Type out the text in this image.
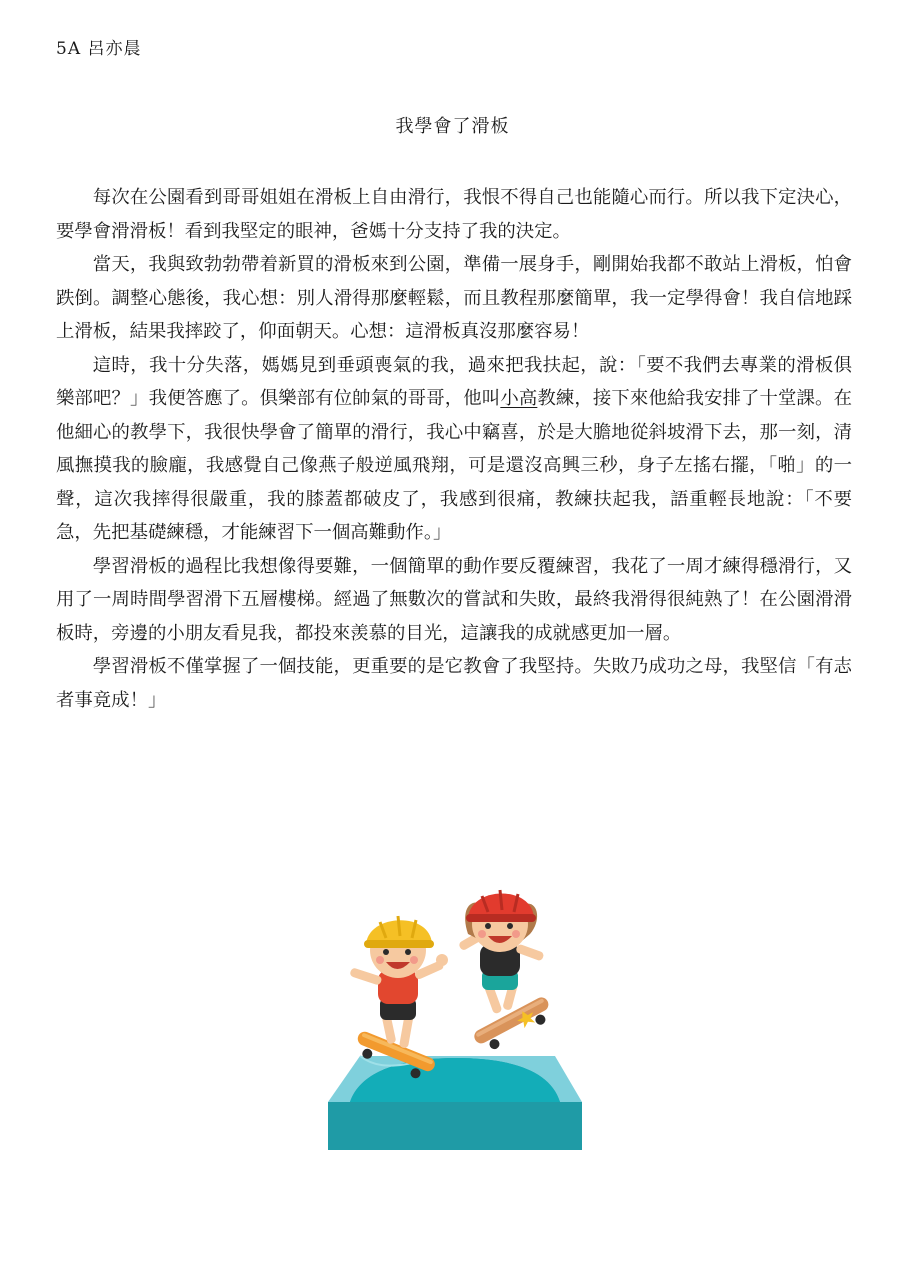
5A 呂亦晨
我學會了滑板

每次在公園看到哥哥姐姐在滑板上自由滑行，我恨不得自己也能隨心而行。所以我下定決心，要學會滑滑板！看到我堅定的眼神，爸媽十分支持了我的決定。

當天，我與致勃勃帶着新買的滑板來到公園，準備一展身手，剛開始我都不敢站上滑板，怕會跌倒。調整心態後，我心想：別人滑得那麼輕鬆，而且教程那麼簡單，我一定學得會！我自信地踩上滑板，結果我摔跤了，仰面朝天。心想：這滑板真沒那麼容易！

這時，我十分失落，媽媽見到垂頭喪氣的我，過來把我扶起，說：「要不我們去專業的滑板俱樂部吧？」我便答應了。俱樂部有位帥氣的哥哥，他叫小高教練，接下來他給我安排了十堂課。在他細心的教學下，我很快學會了簡單的滑行，我心中竊喜，於是大膽地從斜坡滑下去，那一刻，清風撫摸我的臉龐，我感覺自己像燕子般逆風飛翔，可是還沒高興三秒，身子左搖右擺，「啪」的一聲，這次我摔得很嚴重，我的膝蓋都破皮了，我感到很痛，教練扶起我，語重輕長地說：「不要急，先把基礎練穩，才能練習下一個高難動作。」

學習滑板的過程比我想像得要難，一個簡單的動作要反覆練習，我花了一周才練得穩滑行，又用了一周時間學習滑下五層樓梯。經過了無數次的嘗試和失敗，最終我滑得很純熟了！在公園滑滑板時，旁邊的小朋友看見我，都投來羡慕的目光，這讓我的成就感更加一層。

學習滑板不僅掌握了一個技能，更重要的是它教會了我堅持。失敗乃成功之母，我堅信「有志者事竟成！」
